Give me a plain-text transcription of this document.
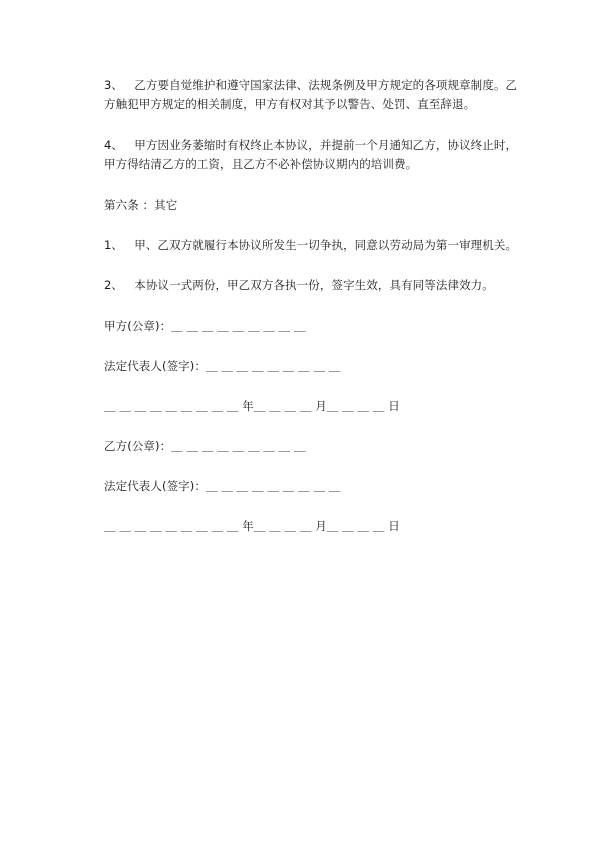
3、   乙方要自觉维护和遵守国家法律、法规条例及甲方规定的各项规章制度。乙
方触犯甲方规定的相关制度，甲方有权对其予以警告、处罚、直至辞退。
4、   甲方因业务萎缩时有权终止本协议，并提前一个月通知乙方，协议终止时，
甲方得结清乙方的工资，且乙方不必补偿协议期内的培训费。
第六条 ：其它
1、   甲、乙双方就履行本协议所发生一切争执，同意以劳动局为第一审理机关。
2、   本协议一式两份，甲乙双方各执一份，签字生效，具有同等法律效力。
甲方(公章)：＿ ＿ ＿ ＿ ＿ ＿ ＿ ＿ ＿
法定代表人(签字)：＿ ＿ ＿ ＿ ＿ ＿ ＿ ＿ ＿
＿ ＿ ＿ ＿ ＿ ＿ ＿ ＿ ＿ 年＿ ＿ ＿ ＿ 月＿ ＿ ＿ ＿ 日
乙方(公章)：＿ ＿ ＿ ＿ ＿ ＿ ＿ ＿ ＿
法定代表人(签字)：＿ ＿ ＿ ＿ ＿ ＿ ＿ ＿ ＿
＿ ＿ ＿ ＿ ＿ ＿ ＿ ＿ ＿ 年＿ ＿ ＿ ＿ 月＿ ＿ ＿ ＿ 日
